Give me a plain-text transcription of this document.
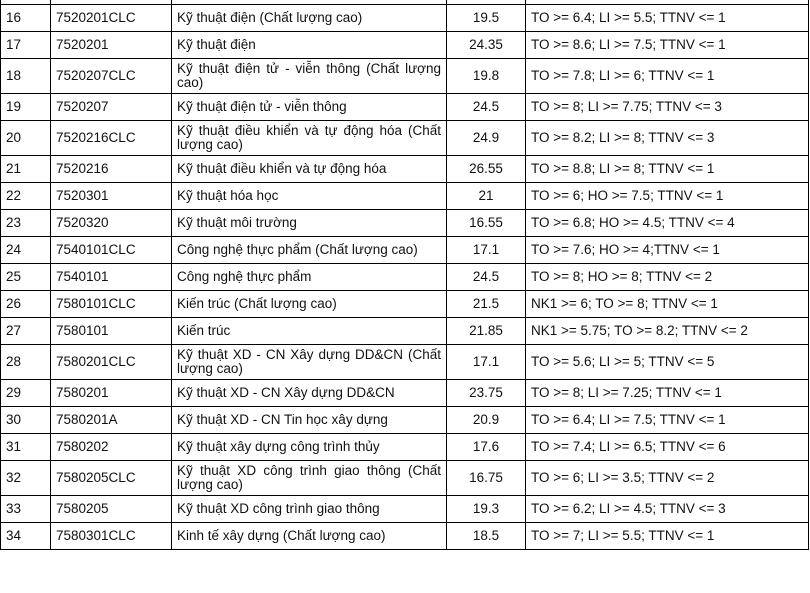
16	7520201CLC	Kỹ thuật điện (Chất lượng cao)	19.5	TO >= 6.4; LI >= 5.5; TTNV <= 1
17	7520201	Kỹ thuật điện	24.35	TO >= 8.6; LI >= 7.5; TTNV <= 1
18	7520207CLC	Kỹ thuật điện tử - viễn thông (Chất lượng cao)	19.8	TO >= 7.8; LI >= 6; TTNV <= 1
19	7520207	Kỹ thuật điện tử - viễn thông	24.5	TO >= 8; LI >= 7.75; TTNV <= 3
20	7520216CLC	Kỹ thuật điều khiển và tự động hóa (Chất lượng cao)	24.9	TO >= 8.2; LI >= 8; TTNV <= 3
21	7520216	Kỹ thuật điều khiển và tự động hóa	26.55	TO >= 8.8; LI >= 8; TTNV <= 1
22	7520301	Kỹ thuật hóa học	21	TO >= 6; HO >= 7.5; TTNV <= 1
23	7520320	Kỹ thuật môi trường	16.55	TO >= 6.8; HO >= 4.5; TTNV <= 4
24	7540101CLC	Công nghệ thực phẩm (Chất lượng cao)	17.1	TO >= 7.6; HO >= 4;TTNV <= 1
25	7540101	Công nghệ thực phẩm	24.5	TO >= 8; HO >= 8; TTNV <= 2
26	7580101CLC	Kiến trúc (Chất lượng cao)	21.5	NK1 >= 6; TO >= 8; TTNV <= 1
27	7580101	Kiến trúc	21.85	NK1 >= 5.75; TO >= 8.2; TTNV <= 2
28	7580201CLC	Kỹ thuật XD - CN Xây dựng DD&CN (Chất lượng cao)	17.1	TO >= 5.6; LI >= 5; TTNV <= 5
29	7580201	Kỹ thuật XD - CN Xây dựng DD&CN	23.75	TO >= 8; LI >= 7.25; TTNV <= 1
30	7580201A	Kỹ thuật XD - CN Tin học xây dựng	20.9	TO >= 6.4; LI >= 7.5; TTNV <= 1
31	7580202	Kỹ thuật xây dựng công trình thủy	17.6	TO >= 7.4; LI >= 6.5; TTNV <= 6
32	7580205CLC	Kỹ thuật XD công trình giao thông (Chất lượng cao)	16.75	TO >= 6; LI >= 3.5; TTNV <= 2
33	7580205	Kỹ thuật XD công trình giao thông	19.3	TO >= 6.2; LI >= 4.5; TTNV <= 3
34	7580301CLC	Kinh tế xây dựng (Chất lượng cao)	18.5	TO >= 7; LI >= 5.5; TTNV <= 1
